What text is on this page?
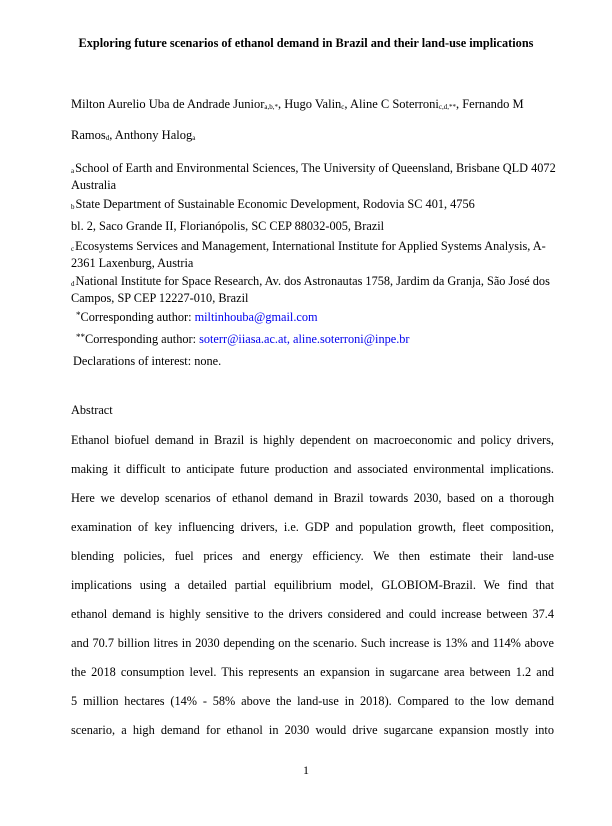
Exploring future scenarios of ethanol demand in Brazil and their land-use implications
Milton Aurelio Uba de Andrade Junior$_{a,b,*}$, Hugo Valin$_c$, Aline C Soterroni$_{c,d,**}$, Fernando M
Ramos$_d$, Anthony Halog$_a$
aSchool of Earth and Environmental Sciences, The University of Queensland, Brisbane QLD 4072 Australia
bState Department of Sustainable Economic Development, Rodovia SC 401, 4756
bl. 2, Saco Grande II, Florianópolis, SC CEP 88032-005, Brazil
cEcosystems Services and Management, International Institute for Applied Systems Analysis, A-2361 Laxenburg, Austria
dNational Institute for Space Research, Av. dos Astronautas 1758, Jardim da Granja, São José dos Campos, SP CEP 12227-010, Brazil
*Corresponding author: miltinhouba@gmail.com
**Corresponding author: soterr@iiasa.ac.at, aline.soterroni@inpe.br
Declarations of interest: none.
Abstract
Ethanol biofuel demand in Brazil is highly dependent on macroeconomic and policy drivers,
making it difficult to anticipate future production and associated environmental implications.
Here we develop scenarios of ethanol demand in Brazil towards 2030, based on a thorough
examination of key influencing drivers, i.e. GDP and population growth, fleet composition,
blending policies, fuel prices and energy efficiency. We then estimate their land-use
implications using a detailed partial equilibrium model, GLOBIOM-Brazil. We find that
ethanol demand is highly sensitive to the drivers considered and could increase between 37.4
and 70.7 billion litres in 2030 depending on the scenario. Such increase is 13% and 114% above
the 2018 consumption level. This represents an expansion in sugarcane area between 1.2 and
5 million hectares (14% - 58% above the land-use in 2018). Compared to the low demand
scenario, a high demand for ethanol in 2030 would drive sugarcane expansion mostly into
1
